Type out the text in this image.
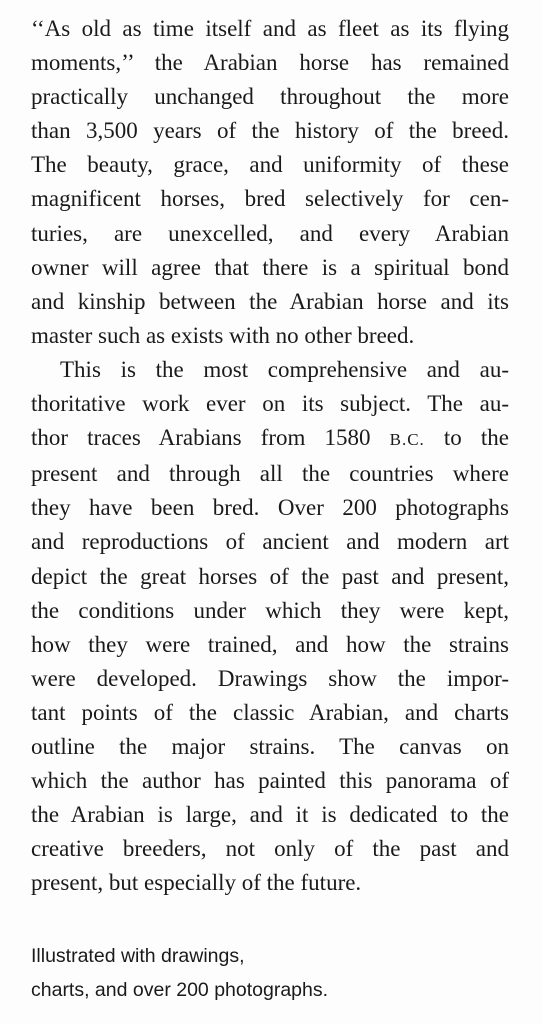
‘‘As old as time itself and as fleet as its flying
moments,’’ the Arabian horse has remained
practically unchanged throughout the more
than 3,500 years of the history of the breed.
The beauty, grace, and uniformity of these
magnificent horses, bred selectively for cen-
turies, are unexcelled, and every Arabian
owner will agree that there is a spiritual bond
and kinship between the Arabian horse and its
master such as exists with no other breed.
This is the most comprehensive and au-
thoritative work ever on its subject. The au-
thor traces Arabians from 1580 B.C. to the
present and through all the countries where
they have been bred. Over 200 photographs
and reproductions of ancient and modern art
depict the great horses of the past and present,
the conditions under which they were kept,
how they were trained, and how the strains
were developed. Drawings show the impor-
tant points of the classic Arabian, and charts
outline the major strains. The canvas on
which the author has painted this panorama of
the Arabian is large, and it is dedicated to the
creative breeders, not only of the past and
present, but especially of the future.
Illustrated with drawings,
charts, and over 200 photographs.
